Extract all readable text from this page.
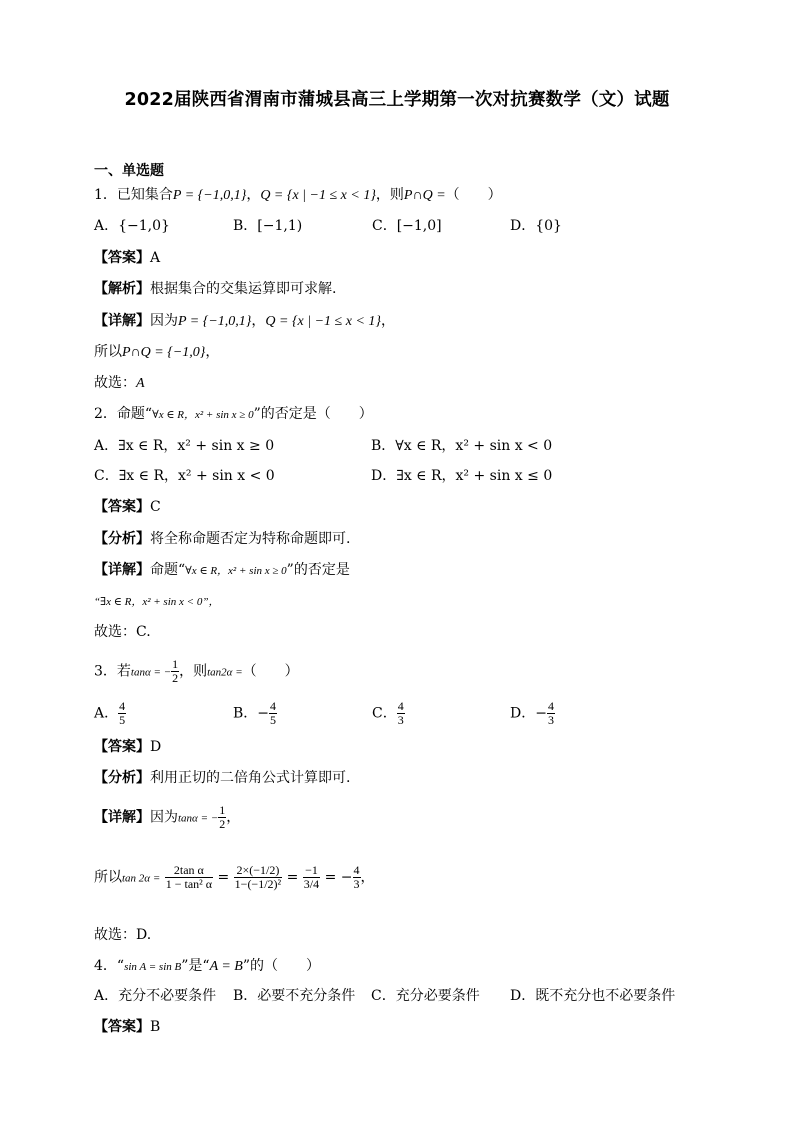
2022届陕西省渭南市蒲城县高三上学期第一次对抗赛数学（文）试题
一、单选题
1．已知集合P = {−1,0,1}，Q = {x | −1 ≤ x < 1}，则P∩Q =（　　）
A．{−1,0}	B．[−1,1)	C．[−1,0]	D．{0}
【答案】A
【解析】根据集合的交集运算即可求解.
【详解】因为P = {−1,0,1}，Q = {x | −1 ≤ x < 1}，
所以P∩Q = {−1,0}，
故选：A
2．命题“∀x ∈ R，x² + sin x ≥ 0”的否定是（　　）
A．∃x ∈ R，x² + sin x ≥ 0	B．∀x ∈ R，x² + sin x < 0
C．∃x ∈ R，x² + sin x < 0	D．∃x ∈ R，x² + sin x ≤ 0
【答案】C
【分析】将全称命题否定为特称命题即可.
【详解】命题“∀x ∈ R，x² + sin x ≥ 0”的否定是
“∃x ∈ R，x² + sin x < 0”，
故选：C.
3．若tanα = − $\frac{1}{2}$ ，则tan2α =（　　）
A． $\frac{4}{5}$	B．− $\frac{4}{5}$	C． $\frac{4}{3}$	D．− $\frac{4}{3}$
【答案】D
【分析】利用正切的二倍角公式计算即可.
【详解】因为tanα = − $\frac{1}{2}$ ，
所以$\tan 2\alpha = \frac{\text{2tan α}}{\text{1 − tan² α}} = \frac{2\times(-1/2)}{\text{1−(−1/2)²}} = \frac{-1}{3/4}$ = − $\frac{4}{3}$ ，
故选：D.
4．“sin A = sin B”是“A = B”的（　　）
A．充分不必要条件 B．必要不充分条件 C．充分必要条件 D．既不充分也不必要条件
【答案】B
